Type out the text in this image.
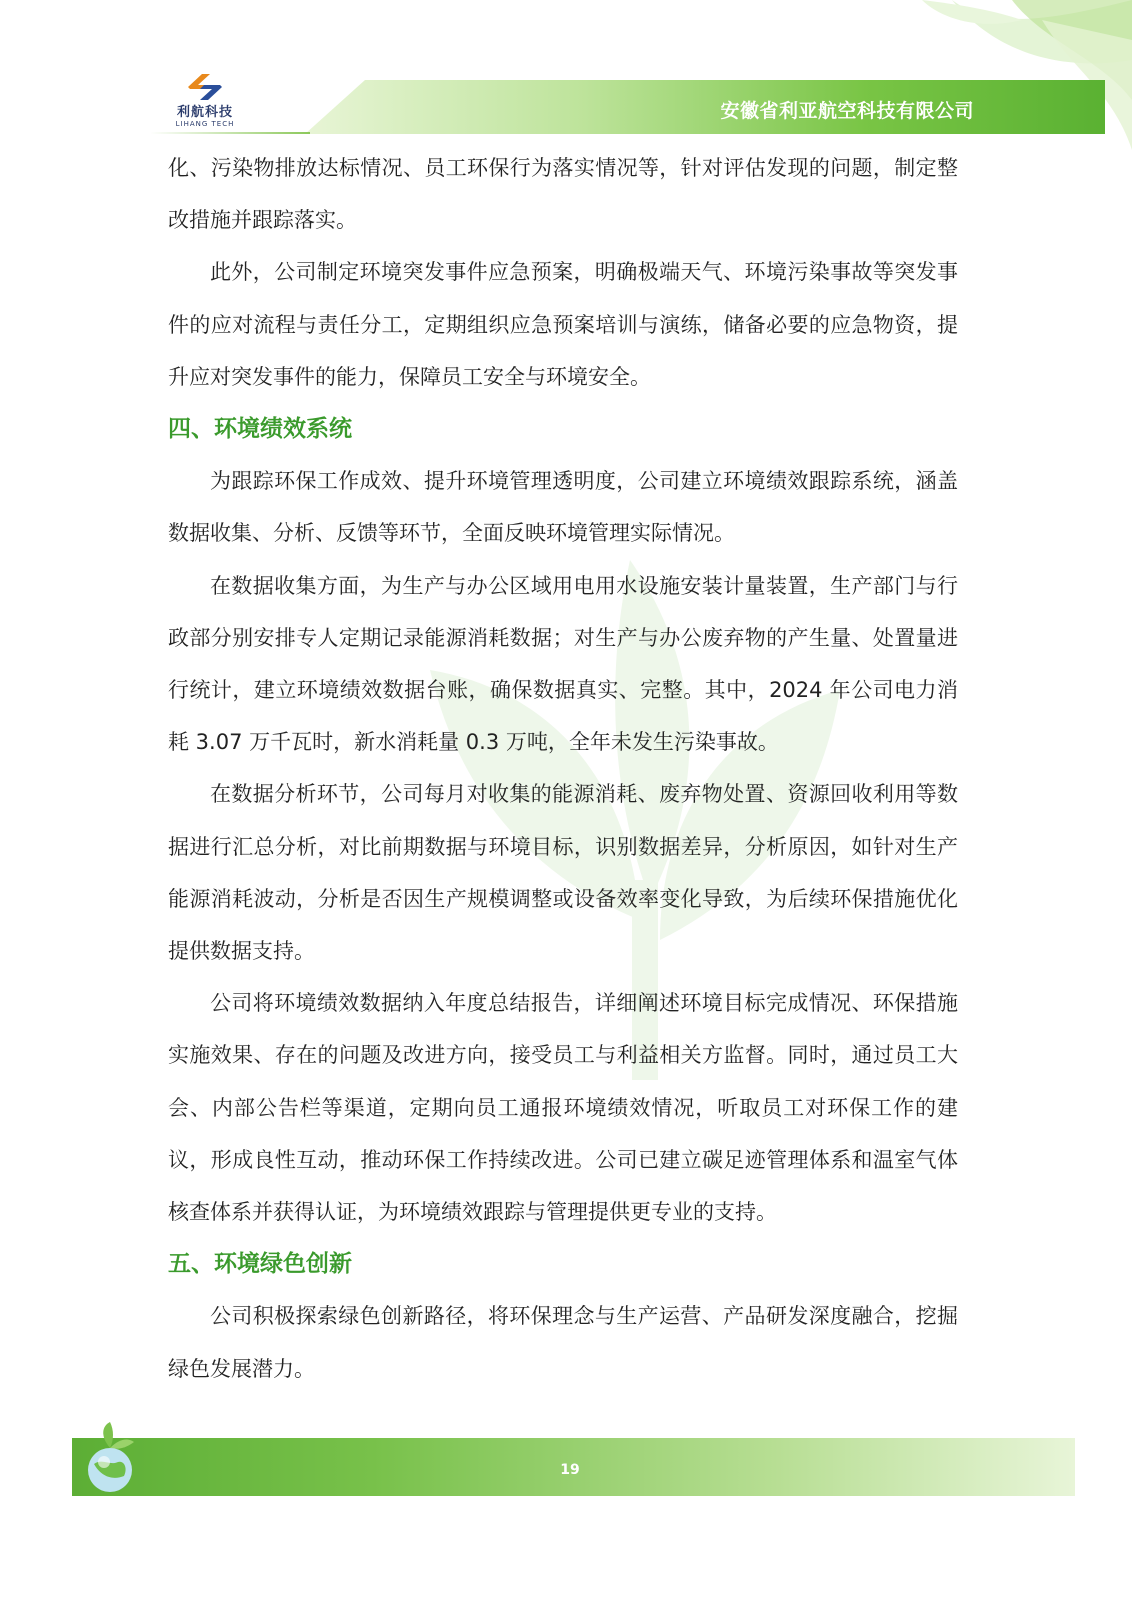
安徽省利亚航空科技有限公司
利航科技
LIHANG TECH

化、污染物排放达标情况、员工环保行为落实情况等，针对评估发现的问题，制定整改措施并跟踪落实。

此外，公司制定环境突发事件应急预案，明确极端天气、环境污染事故等突发事件的应对流程与责任分工，定期组织应急预案培训与演练，储备必要的应急物资，提升应对突发事件的能力，保障员工安全与环境安全。

四、环境绩效系统

为跟踪环保工作成效、提升环境管理透明度，公司建立环境绩效跟踪系统，涵盖数据收集、分析、反馈等环节，全面反映环境管理实际情况。

在数据收集方面，为生产与办公区域用电用水设施安装计量装置，生产部门与行政部分别安排专人定期记录能源消耗数据；对生产与办公废弃物的产生量、处置量进行统计，建立环境绩效数据台账，确保数据真实、完整。其中，2024 年公司电力消耗 3.07 万千瓦时，新水消耗量 0.3 万吨，全年未发生污染事故。

在数据分析环节，公司每月对收集的能源消耗、废弃物处置、资源回收利用等数据进行汇总分析，对比前期数据与环境目标，识别数据差异，分析原因，如针对生产能源消耗波动，分析是否因生产规模调整或设备效率变化导致，为后续环保措施优化提供数据支持。

公司将环境绩效数据纳入年度总结报告，详细阐述环境目标完成情况、环保措施实施效果、存在的问题及改进方向，接受员工与利益相关方监督。同时，通过员工大会、内部公告栏等渠道，定期向员工通报环境绩效情况，听取员工对环保工作的建议，形成良性互动，推动环保工作持续改进。公司已建立碳足迹管理体系和温室气体核查体系并获得认证，为环境绩效跟踪与管理提供更专业的支持。

五、环境绿色创新

公司积极探索绿色创新路径，将环保理念与生产运营、产品研发深度融合，挖掘绿色发展潜力。

19
